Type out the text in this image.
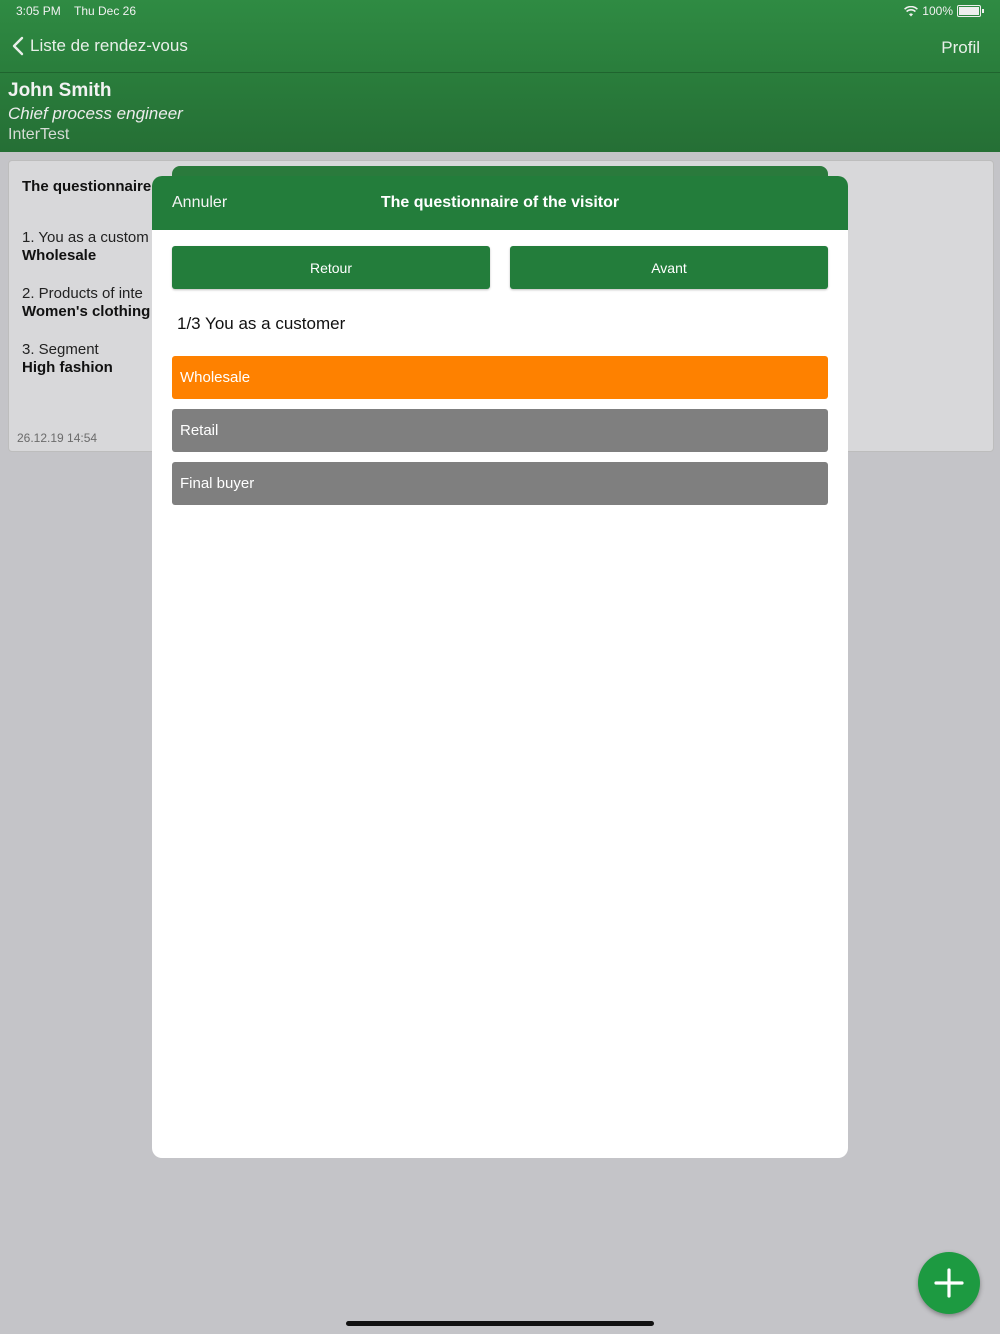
3:05 PM Thu Dec 26	100%
Liste de rendez-vous	Profil
John Smith
Chief process engineer
InterTest
The questionnaire
1. You as a custom
Wholesale
2. Products of inte
Women's clothing
3. Segment
High fashion
26.12.19 14:54
Annuler	The questionnaire of the visitor
Retour	Avant
1/3 You as a customer
Wholesale
Retail
Final buyer
